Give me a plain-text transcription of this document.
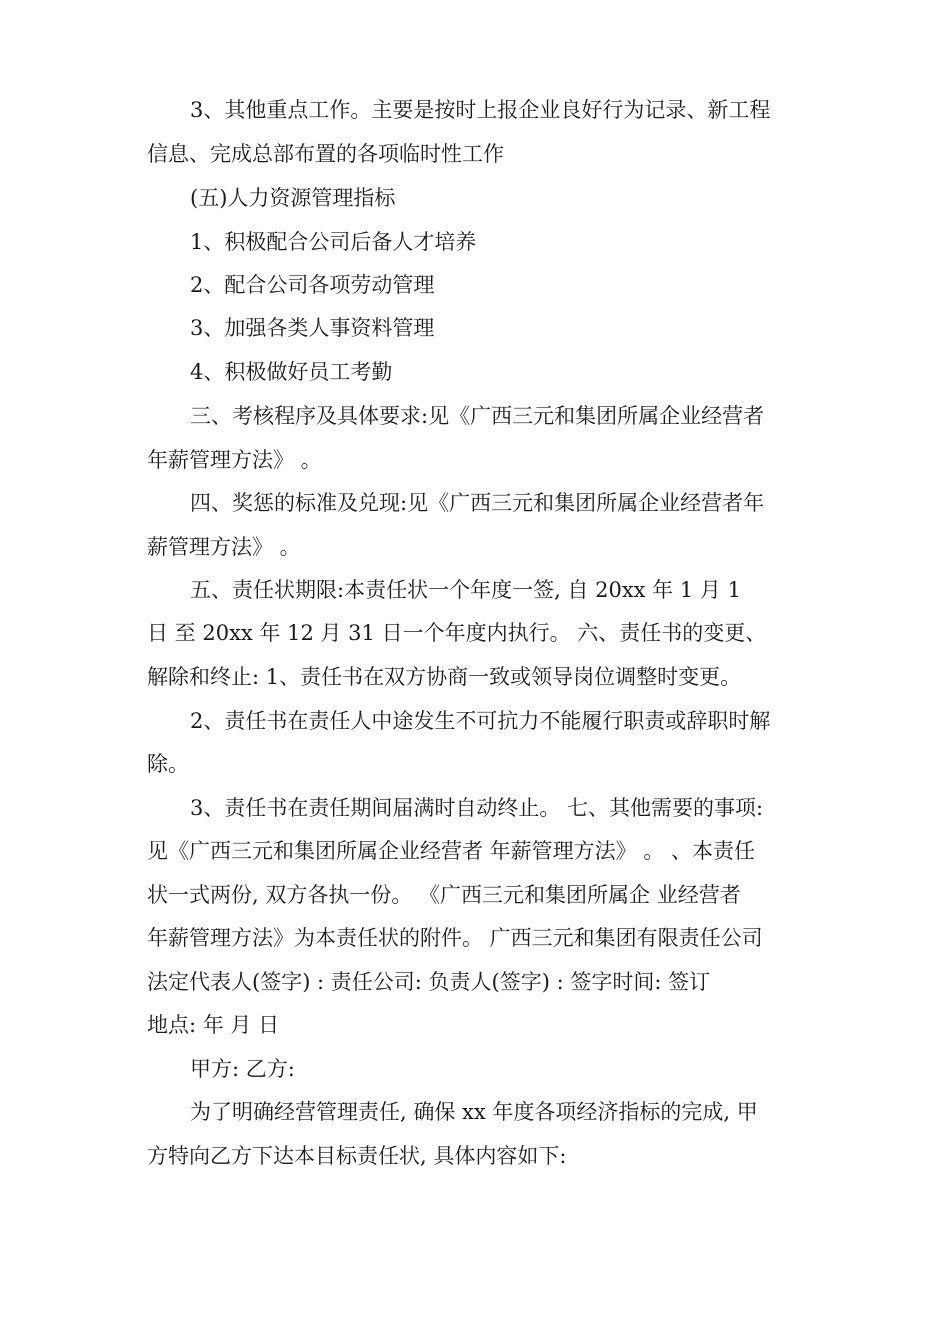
3、其他重点工作。主要是按时上报企业良好行为记录、新工程

信息、完成总部布置的各项临时性工作

(五)人力资源管理指标

1、积极配合公司后备人才培养

2、配合公司各项劳动管理

3、加强各类人事资料管理

4、积极做好员工考勤

三、考核程序及具体要求:见《广西三元和集团所属企业经营者

年薪管理方法》 。

四、奖惩的标准及兑现:见《广西三元和集团所属企业经营者年

薪管理方法》 。

五、责任状期限:本责任状一个年度一签, 自 20xx 年 1 月 1

日 至 20xx 年 12 月 31 日一个年度内执行。 六、责任书的变更、

解除和终止: 1、责任书在双方协商一致或领导岗位调整时变更。

2、责任书在责任人中途发生不可抗力不能履行职责或辞职时解

除。

3、责任书在责任期间届满时自动终止。 七、其他需要的事项:

见《广西三元和集团所属企业经营者 年薪管理方法》 。 、本责任

状一式两份, 双方各执一份。 《广西三元和集团所属企 业经营者

年薪管理方法》为本责任状的附件。 广西三元和集团有限责任公司

法定代表人(签字) : 责任公司: 负责人(签字) : 签字时间: 签订

地点: 年 月 日

甲方: 乙方:

为了明确经营管理责任, 确保 xx 年度各项经济指标的完成, 甲

方特向乙方下达本目标责任状, 具体内容如下:
